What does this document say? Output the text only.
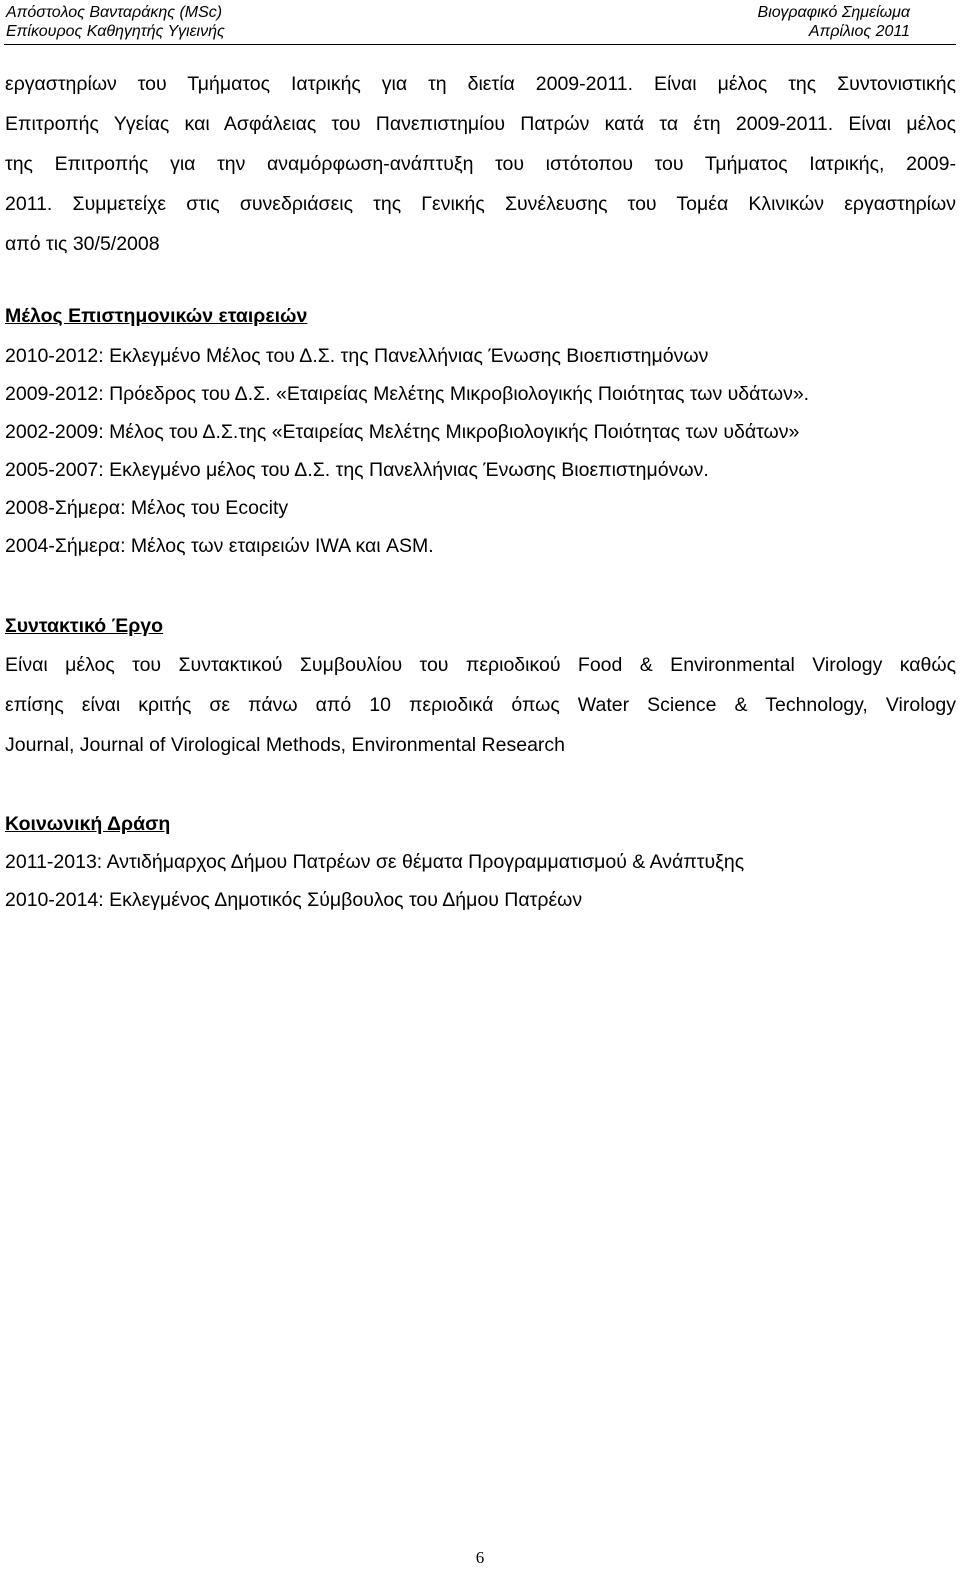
Απόστολος Βανταράκης (MSc)
Επίκουρος Καθηγητής Υγιεινής
Βιογραφικό Σημείωμα
Απρίλιος 2011
εργαστηρίων του Τμήματος Ιατρικής για τη διετία 2009-2011. Είναι μέλος της Συντονιστικής
Επιτροπής Υγείας και Ασφάλειας του Πανεπιστημίου Πατρών κατά τα έτη 2009-2011. Είναι μέλος
της Επιτροπής για την αναμόρφωση-ανάπτυξη του ιστότοπου του Τμήματος Ιατρικής, 2009-
2011. Συμμετείχε στις συνεδριάσεις της Γενικής Συνέλευσης του Τομέα Κλινικών εργαστηρίων
από τις 30/5/2008
Μέλος Επιστημονικών εταιρειών
2010-2012: Εκλεγμένο Μέλος του Δ.Σ. της Πανελλήνιας Ένωσης Βιοεπιστημόνων
2009-2012: Πρόεδρος του Δ.Σ. «Εταιρείας Μελέτης Μικροβιολογικής Ποιότητας των υδάτων».
2002-2009: Μέλος του Δ.Σ.της «Εταιρείας Μελέτης Μικροβιολογικής Ποιότητας των υδάτων»
2005-2007: Εκλεγμένο μέλος του Δ.Σ. της Πανελλήνιας Ένωσης Βιοεπιστημόνων.
2008-Σήμερα: Μέλος του Ecocity
2004-Σήμερα: Μέλος των εταιρειών IWA και ASM.
Συντακτικό Έργο
Είναι μέλος του Συντακτικού Συμβουλίου του περιοδικού Food & Environmental Virology καθώς
επίσης είναι κριτής σε πάνω από 10 περιοδικά όπως Water Science & Technology, Virology
Journal, Journal of Virological Methods, Environmental Research
Κοινωνική Δράση
2011-2013: Αντιδήμαρχος Δήμου Πατρέων σε θέματα Προγραμματισμού & Ανάπτυξης
2010-2014: Εκλεγμένος Δημοτικός Σύμβουλος του Δήμου Πατρέων
6
